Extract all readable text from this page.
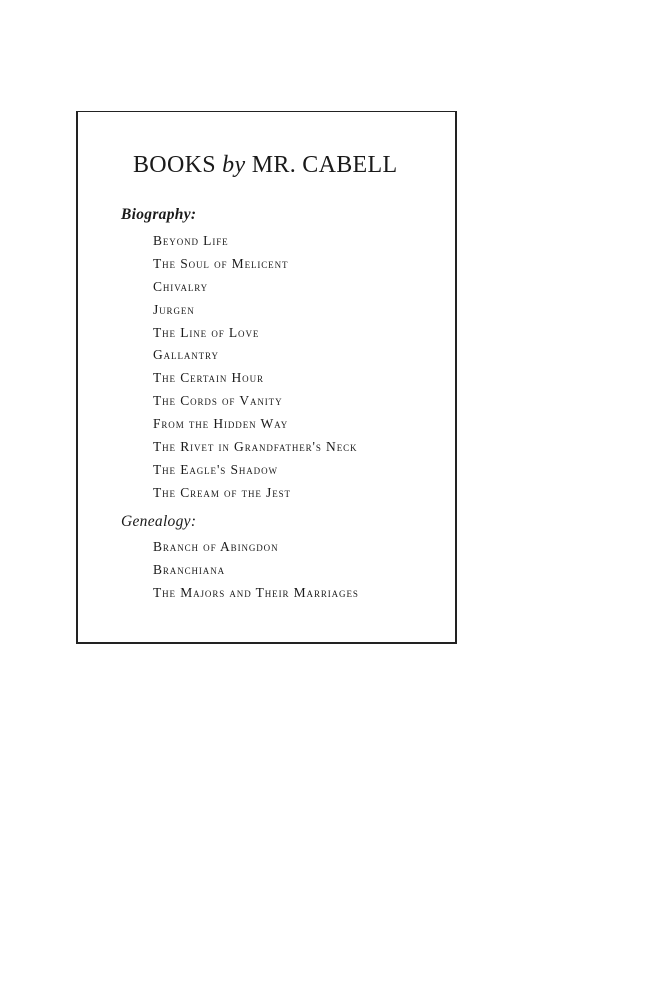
BOOKS by MR. CABELL
Biography:
Beyond Life
The Soul of Melicent
Chivalry
Jurgen
The Line of Love
Gallantry
The Certain Hour
The Cords of Vanity
From the Hidden Way
The Rivet in Grandfather's Neck
The Eagle's Shadow
The Cream of the Jest
Genealogy:
Branch of Abingdon
Branchiana
The Majors and Their Marriages
